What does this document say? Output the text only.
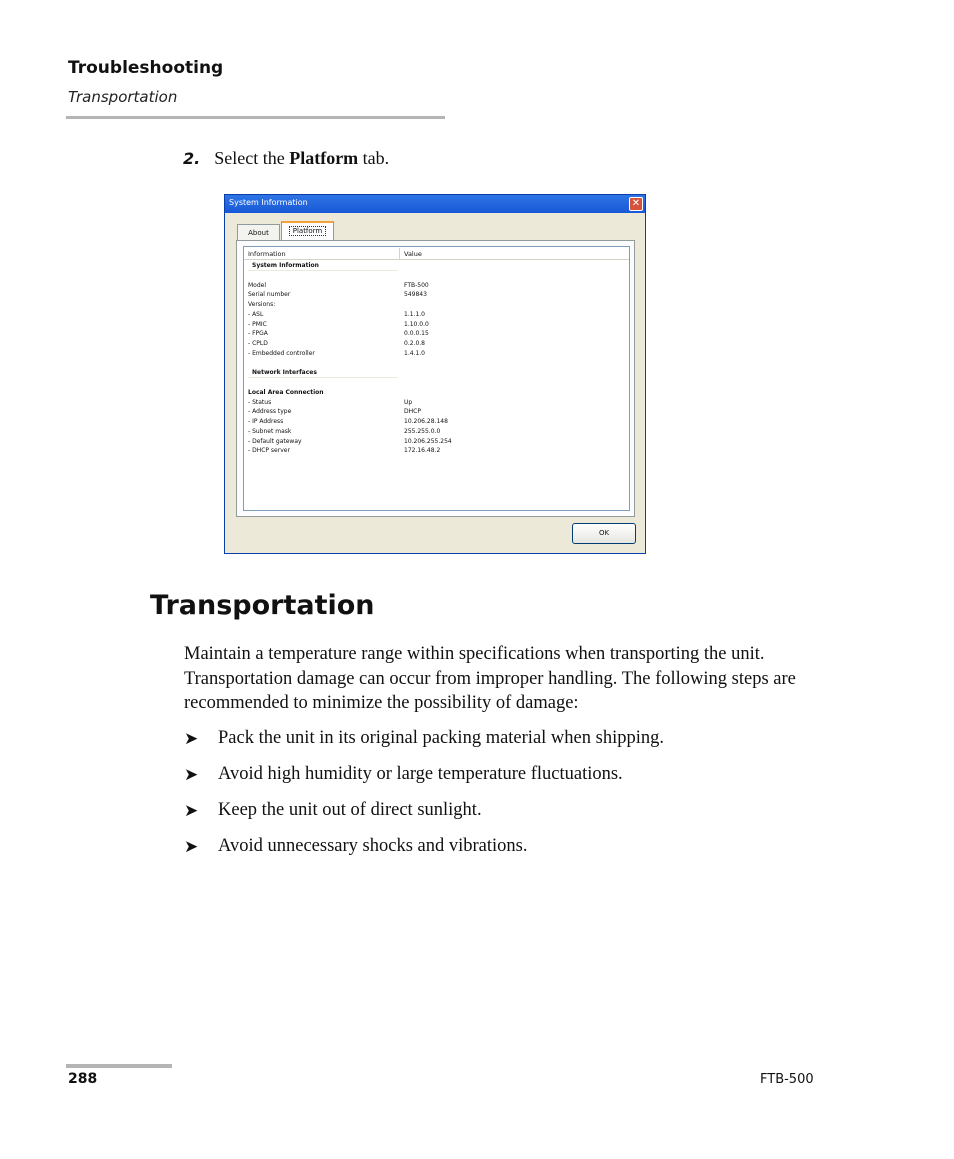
Troubleshooting
Transportation
2. Select the Platform tab.
System Information	✕
About	Platform
Information	Value
System Information
Model	FTB-500
Serial number	549843
Versions:
- ASL	1.1.1.0
- PMIC	1.10.0.0
- FPGA	0.0.0.15
- CPLD	0.2.0.8
- Embedded controller	1.4.1.0
Network Interfaces
Local Area Connection
- Status	Up
- Address type	DHCP
- IP Address	10.206.28.148
- Subnet mask	255.255.0.0
- Default gateway	10.206.255.254
- DHCP server	172.16.48.2
OK
Transportation
Maintain a temperature range within specifications when transporting the unit. Transportation damage can occur from improper handling. The following steps are recommended to minimize the possibility of damage:
➤ Pack the unit in its original packing material when shipping.
➤ Avoid high humidity or large temperature fluctuations.
➤ Keep the unit out of direct sunlight.
➤ Avoid unnecessary shocks and vibrations.
288	FTB-500
